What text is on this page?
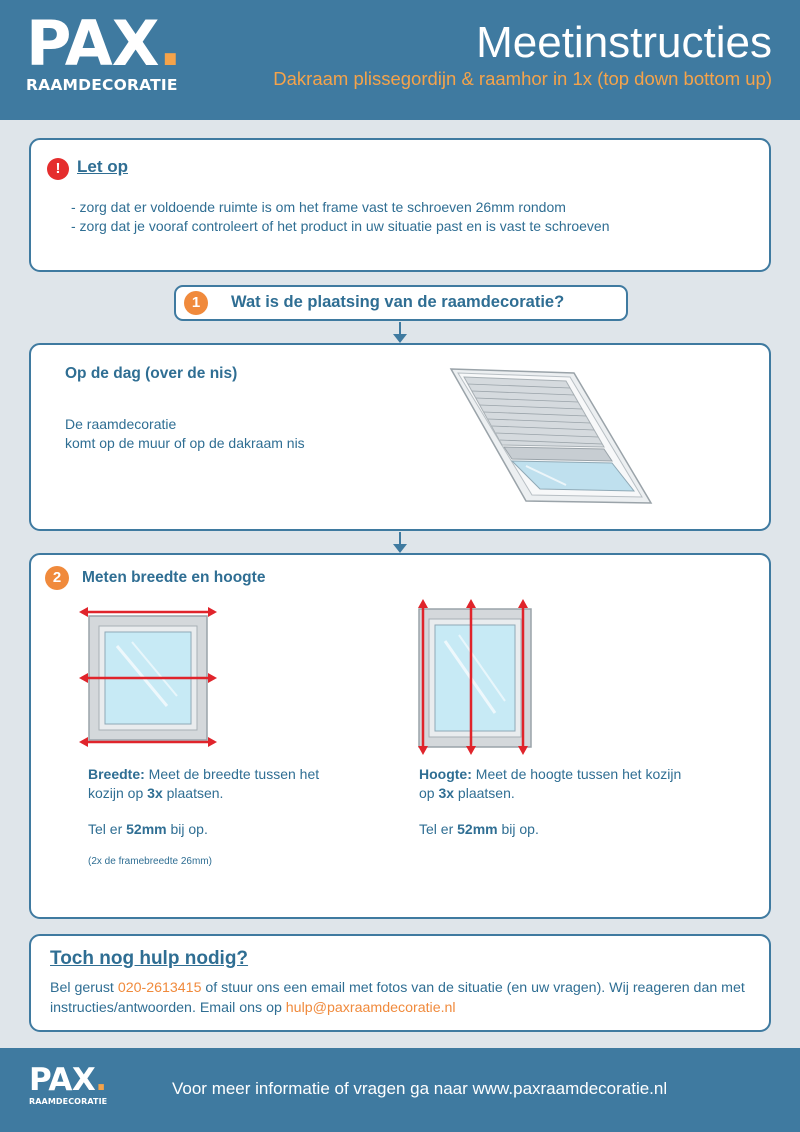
PAX.
RAAMDECORATIE
Meetinstructies
Dakraam plissegordijn & raamhor in 1x (top down bottom up)
! Let op
- zorg dat er voldoende ruimte is om het frame vast te schroeven 26mm rondom
- zorg dat je vooraf controleert of het product in uw situatie past en is vast te schroeven
1	Wat is de plaatsing van de raamdecoratie?
Op de dag (over de nis)
De raamdecoratie
komt op de muur of op de dakraam nis
2	Meten breedte en hoogte
Breedte: Meet de breedte tussen het
kozijn op 3x plaatsen.
Tel er 52mm bij op.
(2x de framebreedte 26mm)
Hoogte: Meet de hoogte tussen het kozijn
op 3x plaatsen.
Tel er 52mm bij op.
Toch nog hulp nodig?
Bel gerust 020-2613415 of stuur ons een email met fotos van de situatie (en uw vragen). Wij reageren dan met instructies/antwoorden. Email ons op hulp@paxraamdecoratie.nl
PAX.
RAAMDECORATIE
Voor meer informatie of vragen ga naar www.paxraamdecoratie.nl
